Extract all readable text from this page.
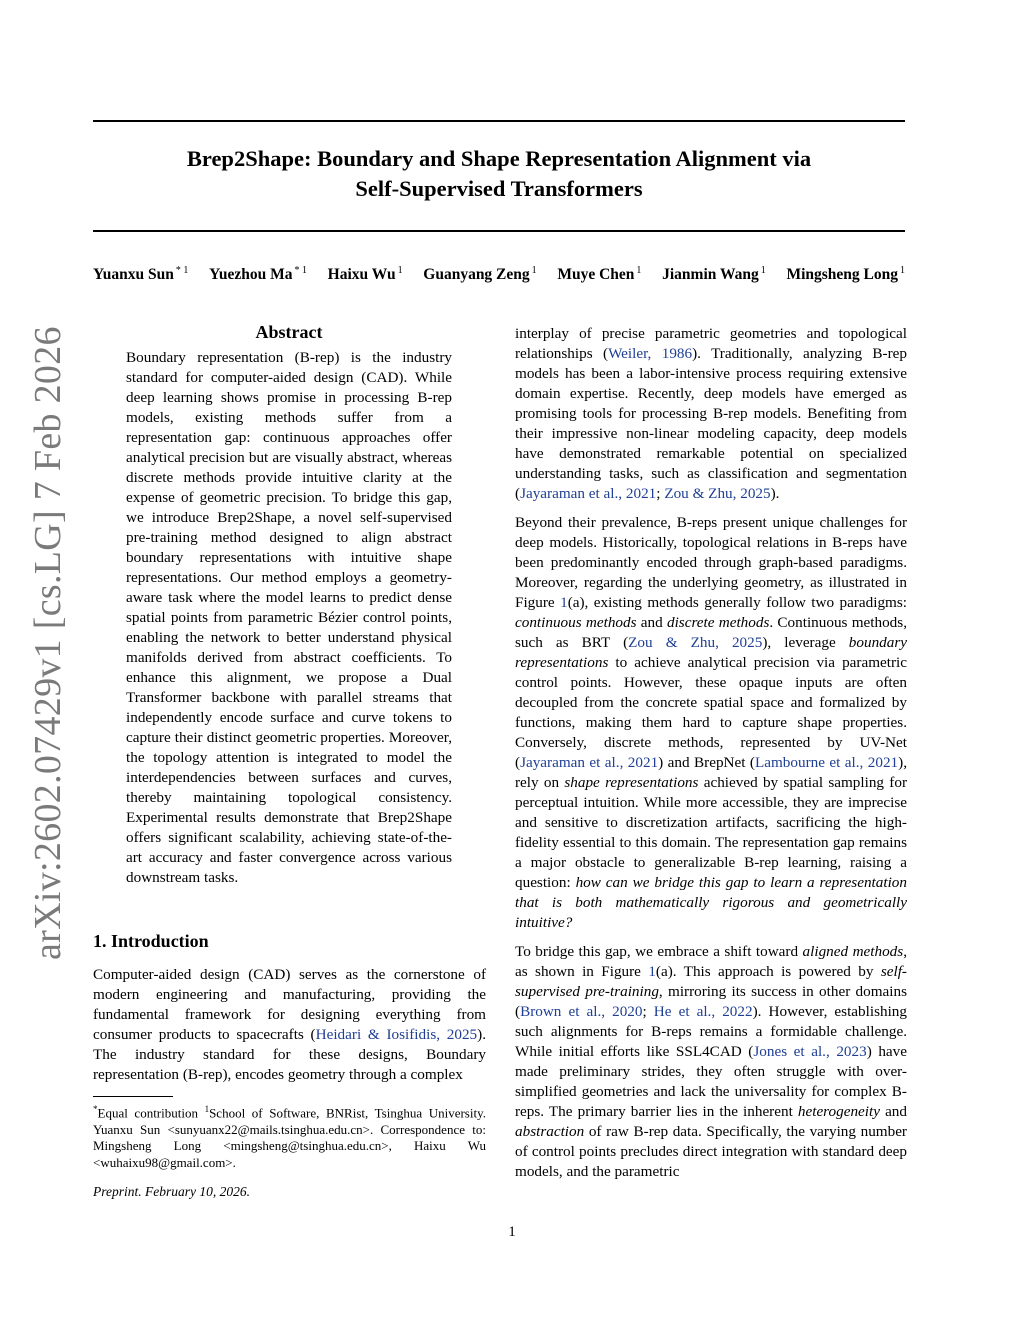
arXiv:2602.07429v1 [cs.LG] 7 Feb 2026
Brep2Shape: Boundary and Shape Representation Alignment via
Self-Supervised Transformers
Yuanxu Sun $^{* 1}$ Yuezhou Ma $^{* 1}$ Haixu Wu $^1$ Guanyang Zeng $^1$ Muye Chen $^1$ Jianmin Wang $^1$ Mingsheng Long $^1$
Abstract
Boundary representation (B-rep) is the industry standard for computer-aided design (CAD). While deep learning shows promise in processing B-rep models, existing methods suffer from a representation gap: continuous approaches offer analytical precision but are visually abstract, whereas discrete methods provide intuitive clarity at the expense of geometric precision. To bridge this gap, we introduce Brep2Shape, a novel self-supervised pre-training method designed to align abstract boundary representations with intuitive shape representations. Our method employs a geometry-aware task where the model learns to predict dense spatial points from parametric Bézier control points, enabling the network to better understand physical manifolds derived from abstract coefficients. To enhance this alignment, we propose a Dual Transformer backbone with parallel streams that independently encode surface and curve tokens to capture their distinct geometric properties. Moreover, the topology attention is integrated to model the interdependencies between surfaces and curves, thereby maintaining topological consistency. Experimental results demonstrate that Brep2Shape offers significant scalability, achieving state-of-the-art accuracy and faster convergence across various downstream tasks.
1. Introduction

Computer-aided design (CAD) serves as the cornerstone of modern engineering and manufacturing, providing the fundamental framework for designing everything from consumer products to spacecrafts (Heidari & Iosifidis, 2025). The industry standard for these designs, Boundary representation (B-rep), encodes geometry through a complex

interplay of precise parametric geometries and topological relationships (Weiler, 1986). Traditionally, analyzing B-rep models has been a labor-intensive process requiring extensive domain expertise. Recently, deep models have emerged as promising tools for processing B-rep models. Benefiting from their impressive non-linear modeling capacity, deep models have demonstrated remarkable potential on specialized understanding tasks, such as classification and segmentation (Jayaraman et al., 2021; Zou & Zhu, 2025).

Beyond their prevalence, B-reps present unique challenges for deep models. Historically, topological relations in B-reps have been predominantly encoded through graph-based paradigms. Moreover, regarding the underlying geometry, as illustrated in Figure 1(a), existing methods generally follow two paradigms: continuous methods and discrete methods. Continuous methods, such as BRT (Zou & Zhu, 2025), leverage boundary representations to achieve analytical precision via parametric control points. However, these opaque inputs are often decoupled from the concrete spatial space and formalized by functions, making them hard to capture shape properties. Conversely, discrete methods, represented by UV-Net (Jayaraman et al., 2021) and BrepNet (Lambourne et al., 2021), rely on shape representations achieved by spatial sampling for perceptual intuition. While more accessible, they are imprecise and sensitive to discretization artifacts, sacrificing the high-fidelity essential to this domain. The representation gap remains a major obstacle to generalizable B-rep learning, raising a question: how can we bridge this gap to learn a representation that is both mathematically rigorous and geometrically intuitive?

To bridge this gap, we embrace a shift toward aligned methods, as shown in Figure 1(a). This approach is powered by self-supervised pre-training, mirroring its success in other domains (Brown et al., 2020; He et al., 2022). However, establishing such alignments for B-reps remains a formidable challenge. While initial efforts like SSL4CAD (Jones et al., 2023) have made preliminary strides, they often struggle with over-simplified geometries and lack the universality for complex B-reps. The primary barrier lies in the inherent heterogeneity and abstraction of raw B-rep data. Specifically, the varying number of control points precludes direct integration with standard deep models, and the parametric

*Equal contribution $^1$School of Software, BNRist, Tsinghua University. Yuanxu Sun <sunyuanx22@mails.tsinghua.edu.cn>. Correspondence to: Mingsheng Long <mingsheng@tsinghua.edu.cn>, Haixu Wu <wuhaixu98@gmail.com>.
Preprint. February 10, 2026.
1
